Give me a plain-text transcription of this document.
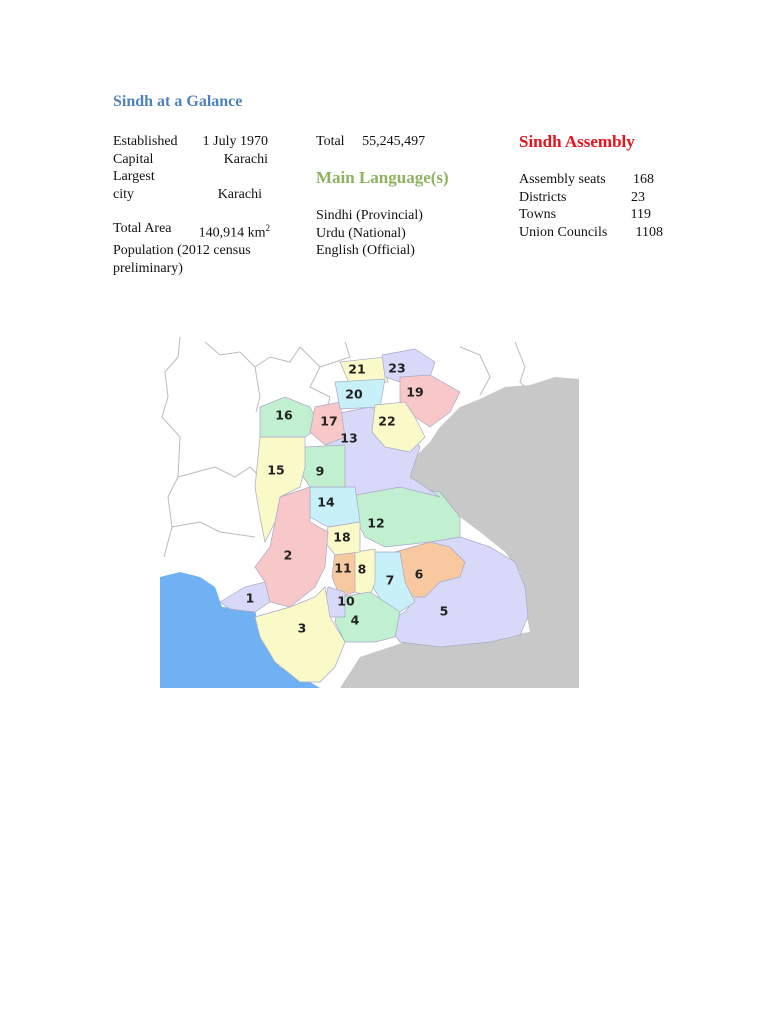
Sindh at a Galance
Established 1 July 1970
Capital	Karachi
Largest
city	Karachi
Total Area 140,914 $km^2$
Population (2012 census
preliminary)
Total 55,245,497
Main Language(s)
Sindhi (Provincial)
Urdu (National)
English (Official)
Sindh Assembly
Assembly seats 168
Districts	23
Towns	119
Union Councils 1108
1
2
3
4
5
6
7
8
9
10
11
12
13
14
15
16 17
18
19
20
21
22
23
